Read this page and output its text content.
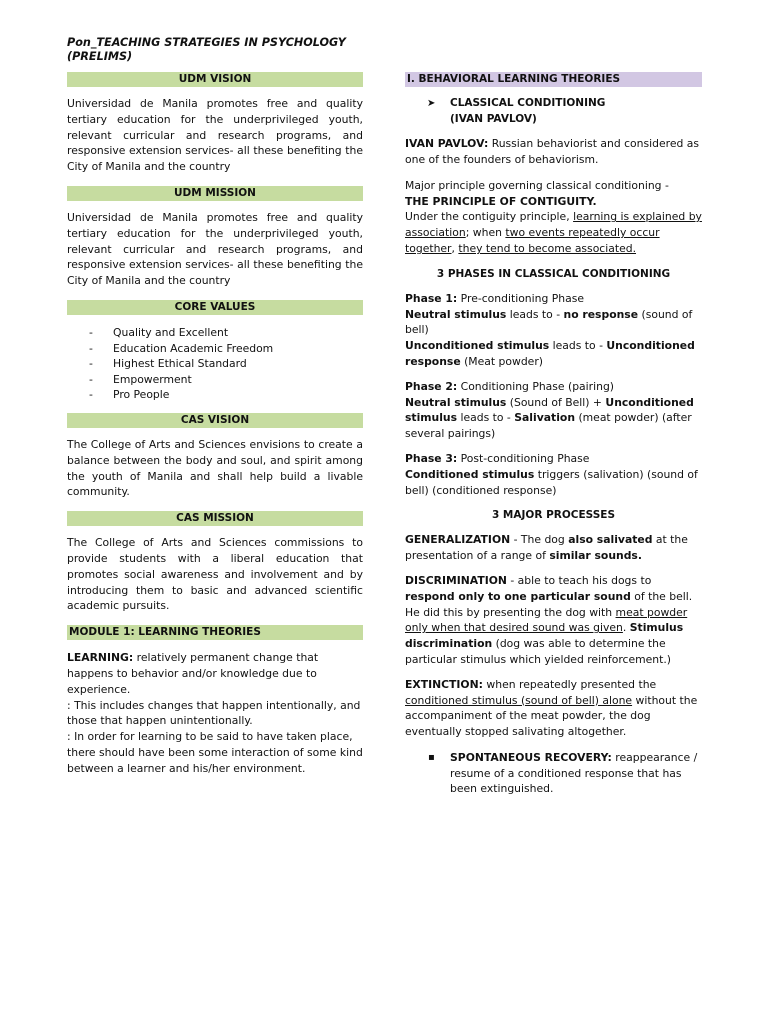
Pon_TEACHING STRATEGIES IN PSYCHOLOGY
(PRELIMS)
UDM VISION

Universidad de Manila promotes free and quality tertiary education for the underprivileged youth, relevant curricular and research programs, and responsive extension services- all these benefiting the City of Manila and the country

UDM MISSION

Universidad de Manila promotes free and quality tertiary education for the underprivileged youth, relevant curricular and research programs, and responsive extension services- all these benefiting the City of Manila and the country

CORE VALUES
- Quality and Excellent
- Education Academic Freedom
- Highest Ethical Standard
- Empowerment
- Pro People
CAS VISION

The College of Arts and Sciences envisions to create a balance between the body and soul, and spirit among the youth of Manila and shall help build a livable community.

CAS MISSION

The College of Arts and Sciences commissions to provide students with a liberal education that promotes social awareness and involvement and by introducing them to basic and advanced scientific academic pursuits.

MODULE 1: LEARNING THEORIES

LEARNING: relatively permanent change that happens to behavior and/or knowledge due to experience.

: This includes changes that happen intentionally, and those that happen unintentionally.

: In order for learning to be said to have taken place, there should have been some interaction of some kind between a learner and his/her environment.

I. BEHAVIORAL LEARNING THEORIES
➤ CLASSICAL CONDITIONING
(IVAN PAVLOV)

IVAN PAVLOV: Russian behaviorist and considered as one of the founders of behaviorism.

Major principle governing classical conditioning -

THE PRINCIPLE OF CONTIGUITY.

Under the contiguity principle, learning is explained by association; when two events repeatedly occur together, they tend to become associated.

3 PHASES IN CLASSICAL CONDITIONING

Phase 1: Pre-conditioning Phase

Neutral stimulus leads to - no response (sound of bell)

Unconditioned stimulus leads to - Unconditioned response (Meat powder)

Phase 2: Conditioning Phase (pairing)

Neutral stimulus (Sound of Bell) + Unconditioned stimulus leads to - Salivation (meat powder) (after several pairings)

Phase 3: Post-conditioning Phase

Conditioned stimulus triggers (salivation) (sound of bell) (conditioned response)

3 MAJOR PROCESSES

GENERALIZATION - The dog also salivated at the presentation of a range of similar sounds.

DISCRIMINATION - able to teach his dogs to respond only to one particular sound of the bell. He did this by presenting the dog with meat powder only when that desired sound was given. Stimulus discrimination (dog was able to determine the particular stimulus which yielded reinforcement.)

EXTINCTION: when repeatedly presented the conditioned stimulus (sound of bell) alone without the accompaniment of the meat powder, the dog eventually stopped salivating altogether.

▪ SPONTANEOUS RECOVERY: reappearance / resume of a conditioned response that has been extinguished.
